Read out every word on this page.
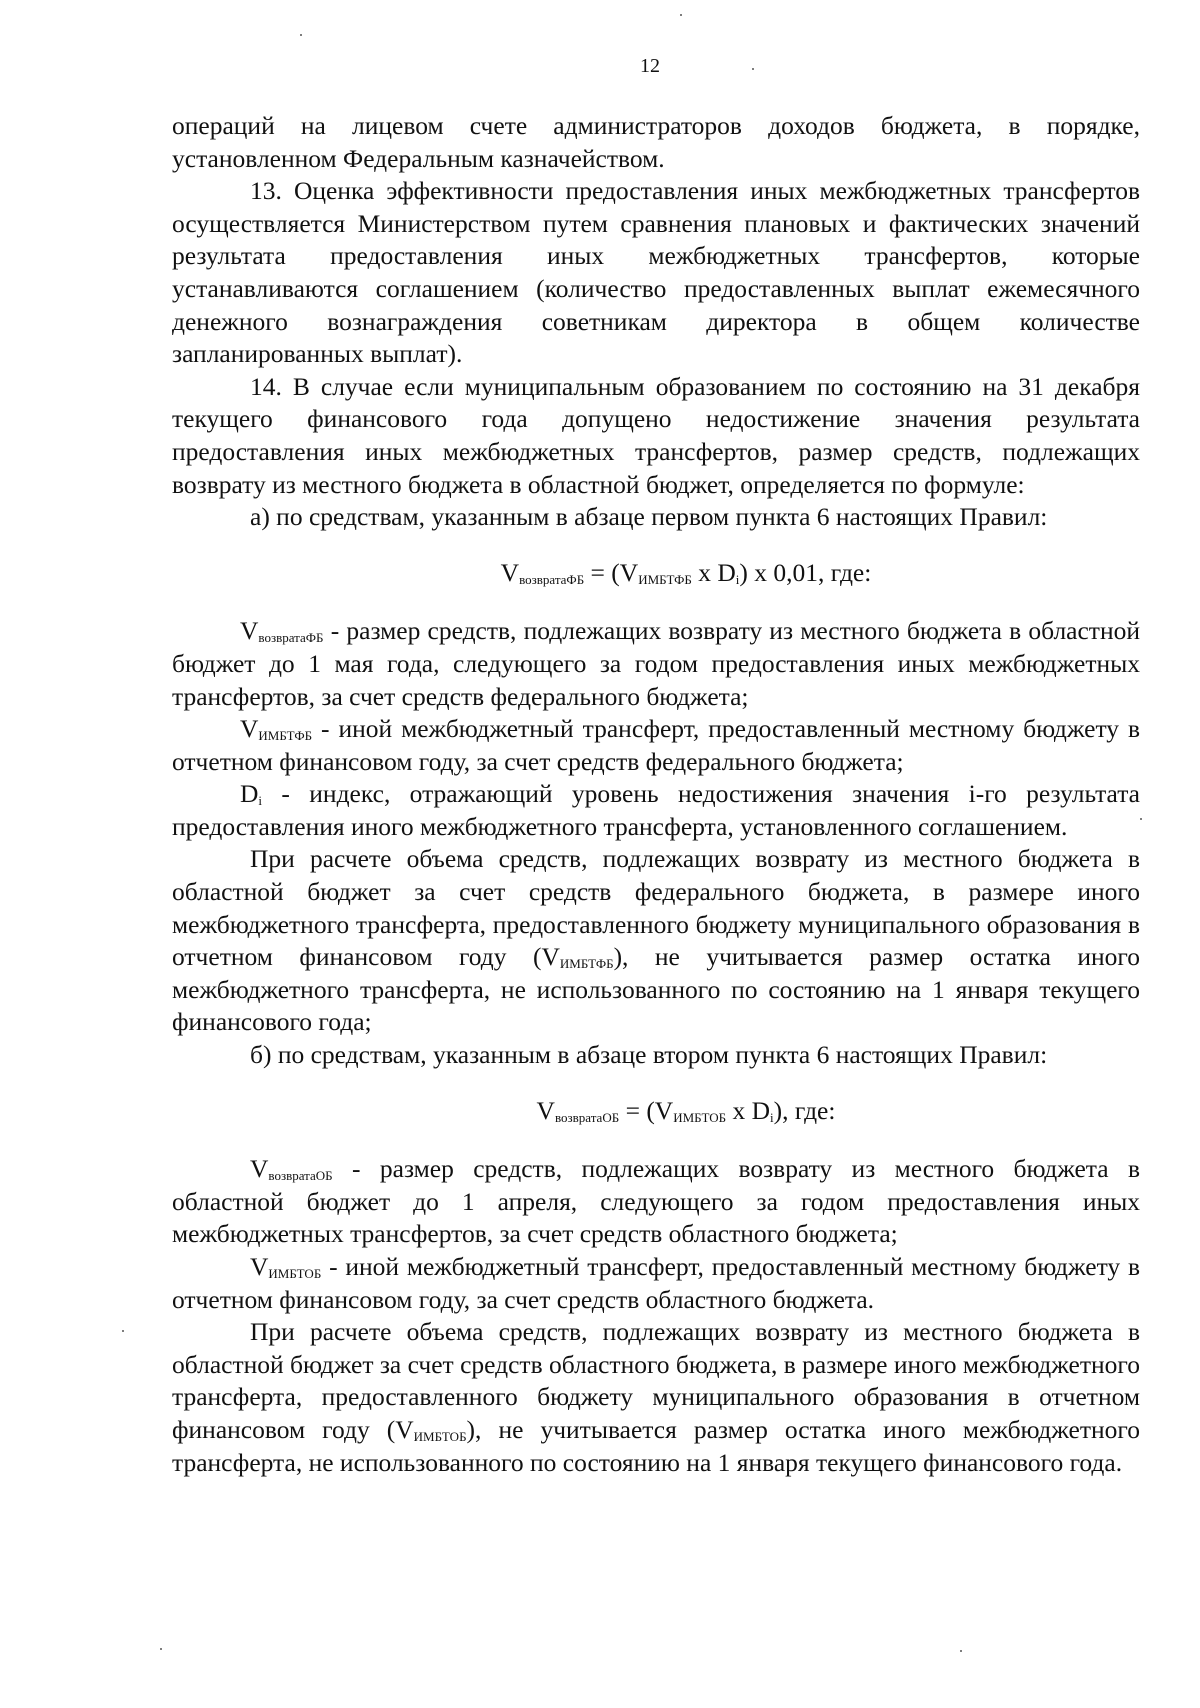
12

операций на лицевом счете администраторов доходов бюджета, в порядке, установленном Федеральным казначейством.

13. Оценка эффективности предоставления иных межбюджетных трансфертов осуществляется Министерством путем сравнения плановых и фактических значений результата предоставления иных межбюджетных трансфертов, которые устанавливаются соглашением (количество предоставленных выплат ежемесячного денежного вознаграждения советникам директора в общем количестве запланированных выплат).

14. В случае если муниципальным образованием по состоянию на 31 декабря текущего финансового года допущено недостижение значения результата предоставления иных межбюджетных трансфертов, размер средств, подлежащих возврату из местного бюджета в областной бюджет, определяется по формуле:

а) по средствам, указанным в абзаце первом пункта 6 настоящих Правил:

$V_{возвратаФБ} = (V_{ИМБТФБ}$ x $D_i$) x 0,01, где:

$V_{возвратаФБ}$ - размер средств, подлежащих возврату из местного бюджета в областной бюджет до 1 мая года, следующего за годом предоставления иных межбюджетных трансфертов, за счет средств федерального бюджета;

$V_{ИМБТФБ}$ - иной межбюджетный трансферт, предоставленный местному бюджету в отчетном финансовом году, за счет средств федерального бюджета;

$D_i$ - индекс, отражающий уровень недостижения значения i-го результата предоставления иного межбюджетного трансферта, установленного соглашением.

При расчете объема средств, подлежащих возврату из местного бюджета в областной бюджет за счет средств федерального бюджета, в размере иного межбюджетного трансферта, предоставленного бюджету муниципального образования в отчетном финансовом году $(V_{ИМБТФБ})$, не учитывается размер остатка иного межбюджетного трансферта, не использованного по состоянию на 1 января текущего финансового года;

б) по средствам, указанным в абзаце втором пункта 6 настоящих Правил:

$V_{возвратаОБ} = (V_{ИМБТОБ}$ x $D_i$), где:

$V_{возвратаОБ}$ - размер средств, подлежащих возврату из местного бюджета в областной бюджет до 1 апреля, следующего за годом предоставления иных межбюджетных трансфертов, за счет средств областного бюджета;

$V_{ИМБТОБ}$ - иной межбюджетный трансферт, предоставленный местному бюджету в отчетном финансовом году, за счет средств областного бюджета.

При расчете объема средств, подлежащих возврату из местного бюджета в областной бюджет за счет средств областного бюджета, в размере иного межбюджетного трансферта, предоставленного бюджету муниципального образования в отчетном финансовом году $(V_{ИМБТОБ})$, не учитывается размер остатка иного межбюджетного трансферта, не использованного по состоянию на 1 января текущего финансового года.
